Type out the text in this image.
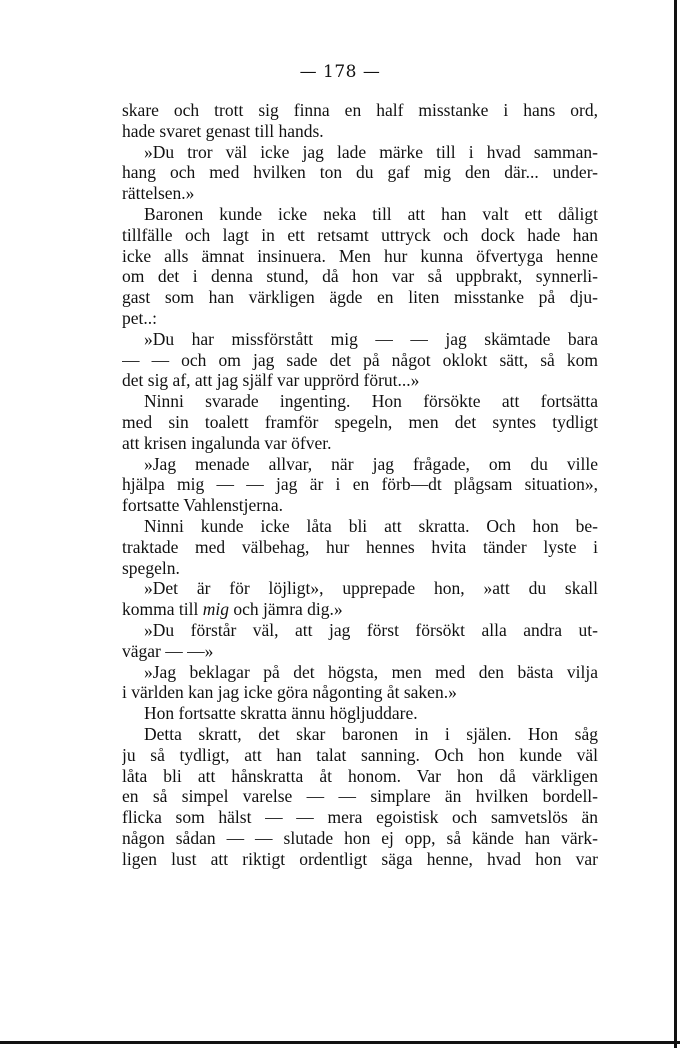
— 178 —
skare och trott sig finna en half misstanke i hans ord,
hade svaret genast till hands.
»Du tror väl icke jag lade märke till i hvad samman-
hang och med hvilken ton du gaf mig den där... under-
rättelsen.»
Baronen kunde icke neka till att han valt ett dåligt
tillfälle och lagt in ett retsamt uttryck och dock hade han
icke alls ämnat insinuera. Men hur kunna öfvertyga henne
om det i denna stund, då hon var så uppbrakt, synnerli-
gast som han värkligen ägde en liten misstanke på dju-
pet..:
»Du har missförstått mig — — jag skämtade bara
— — och om jag sade det på något oklokt sätt, så kom
det sig af, att jag själf var upprörd förut...»
Ninni svarade ingenting. Hon försökte att fortsätta
med sin toalett framför spegeln, men det syntes tydligt
att krisen ingalunda var öfver.
»Jag menade allvar, när jag frågade, om du ville
hjälpa mig — — jag är i en förb—dt plågsam situation»,
fortsatte Vahlenstjerna.
Ninni kunde icke låta bli att skratta. Och hon be-
traktade med välbehag, hur hennes hvita tänder lyste i
spegeln.
»Det är för löjligt», upprepade hon, »att du skall
komma till mig och jämra dig.»
»Du förstår väl, att jag först försökt alla andra ut-
vägar — —»
»Jag beklagar på det högsta, men med den bästa vilja
i världen kan jag icke göra någonting åt saken.»
Hon fortsatte skratta ännu högljuddare.
Detta skratt, det skar baronen in i själen. Hon såg
ju så tydligt, att han talat sanning. Och hon kunde väl
låta bli att hånskratta åt honom. Var hon då värkligen
en så simpel varelse — — simplare än hvilken bordell-
flicka som hälst — — mera egoistisk och samvetslös än
någon sådan — — slutade hon ej opp, så kände han värk-
ligen lust att riktigt ordentligt säga henne, hvad hon var
